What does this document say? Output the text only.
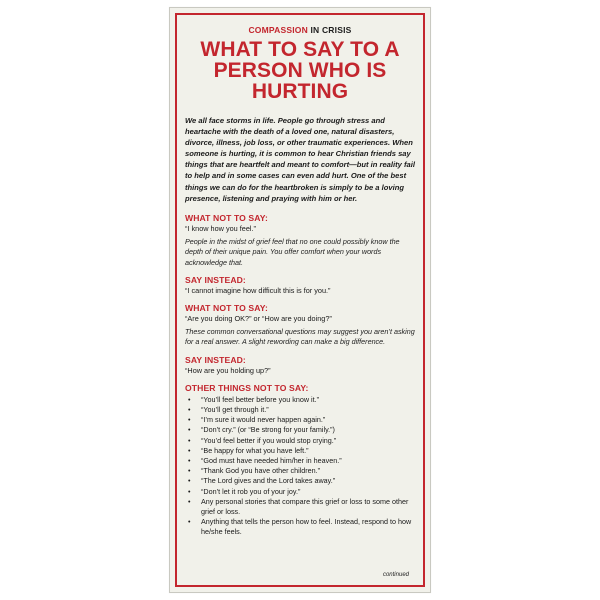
COMPASSION IN CRISIS
WHAT TO SAY TO A
PERSON WHO IS HURTING
We all face storms in life. People go through stress and heartache with the death of a loved one, natural disasters, divorce, illness, job loss, or other traumatic experiences. When someone is hurting, it is common to hear Christian friends say things that are heartfelt and meant to comfort—but in reality fail to help and in some cases can even add hurt. One of the best things we can do for the heartbroken is simply to be a loving presence, listening and praying with him or her.
WHAT NOT TO SAY:
“I know how you feel.”
People in the midst of grief feel that no one could possibly know the depth of their unique pain. You offer comfort when your words acknowledge that.
SAY INSTEAD:
“I cannot imagine how difficult this is for you.”
WHAT NOT TO SAY:
“Are you doing OK?” or “How are you doing?”
These common conversational questions may suggest you aren’t asking for a real answer. A slight rewording can make a big difference.
SAY INSTEAD:
“How are you holding up?”
OTHER THINGS NOT TO SAY:
• “You’ll feel better before you know it.”
• “You’ll get through it.”
• “I’m sure it would never happen again.”
• “Don’t cry.” (or “Be strong for your family.”)
• “You’d feel better if you would stop crying.”
• “Be happy for what you have left.”
• “God must have needed him/her in heaven.”
• “Thank God you have other children.”
• “The Lord gives and the Lord takes away.”
• “Don’t let it rob you of your joy.”
• Any personal stories that compare this grief or loss to some other grief or loss.
• Anything that tells the person how to feel. Instead, respond to how he/she feels.
continued
